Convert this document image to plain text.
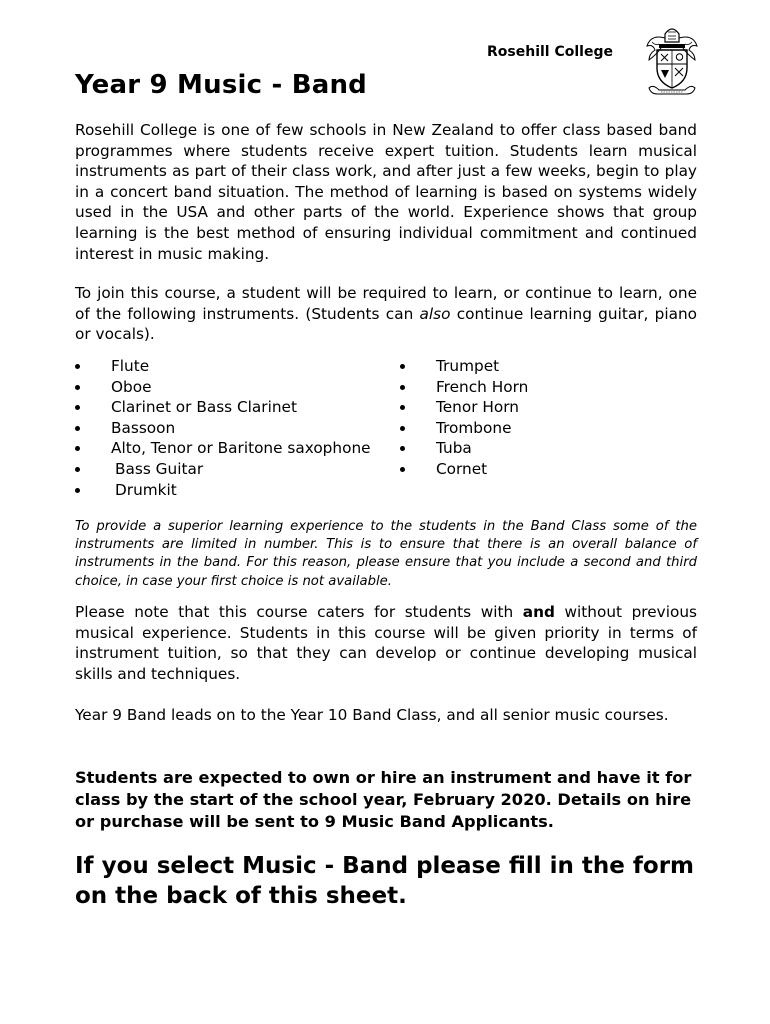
Rosehill College
Year 9 Music - Band

Rosehill College is one of few schools in New Zealand to offer class based band programmes where students receive expert tuition. Students learn musical instruments as part of their class work, and after just a few weeks, begin to play in a concert band situation. The method of learning is based on systems widely used in the USA and other parts of the world. Experience shows that group learning is the best method of ensuring individual commitment and continued interest in music making.

To join this course, a student will be required to learn, or continue to learn, one of the following instruments. (Students can also continue learning guitar, piano or vocals).

Flute
Oboe
Clarinet or Bass Clarinet
Bassoon
Alto, Tenor or Baritone saxophone
Bass Guitar
Drumkit
Trumpet
French Horn
Tenor Horn
Trombone
Tuba
Cornet

To provide a superior learning experience to the students in the Band Class some of the instruments are limited in number. This is to ensure that there is an overall balance of instruments in the band. For this reason, please ensure that you include a second and third choice, in case your first choice is not available.

Please note that this course caters for students with and without previous musical experience. Students in this course will be given priority in terms of instrument tuition, so that they can develop or continue developing musical skills and techniques.

Year 9 Band leads on to the Year 10 Band Class, and all senior music courses.

Students are expected to own or hire an instrument and have it for class by the start of the school year, February 2020. Details on hire or purchase will be sent to 9 Music Band Applicants.

If you select Music - Band please fill in the form on the back of this sheet.
